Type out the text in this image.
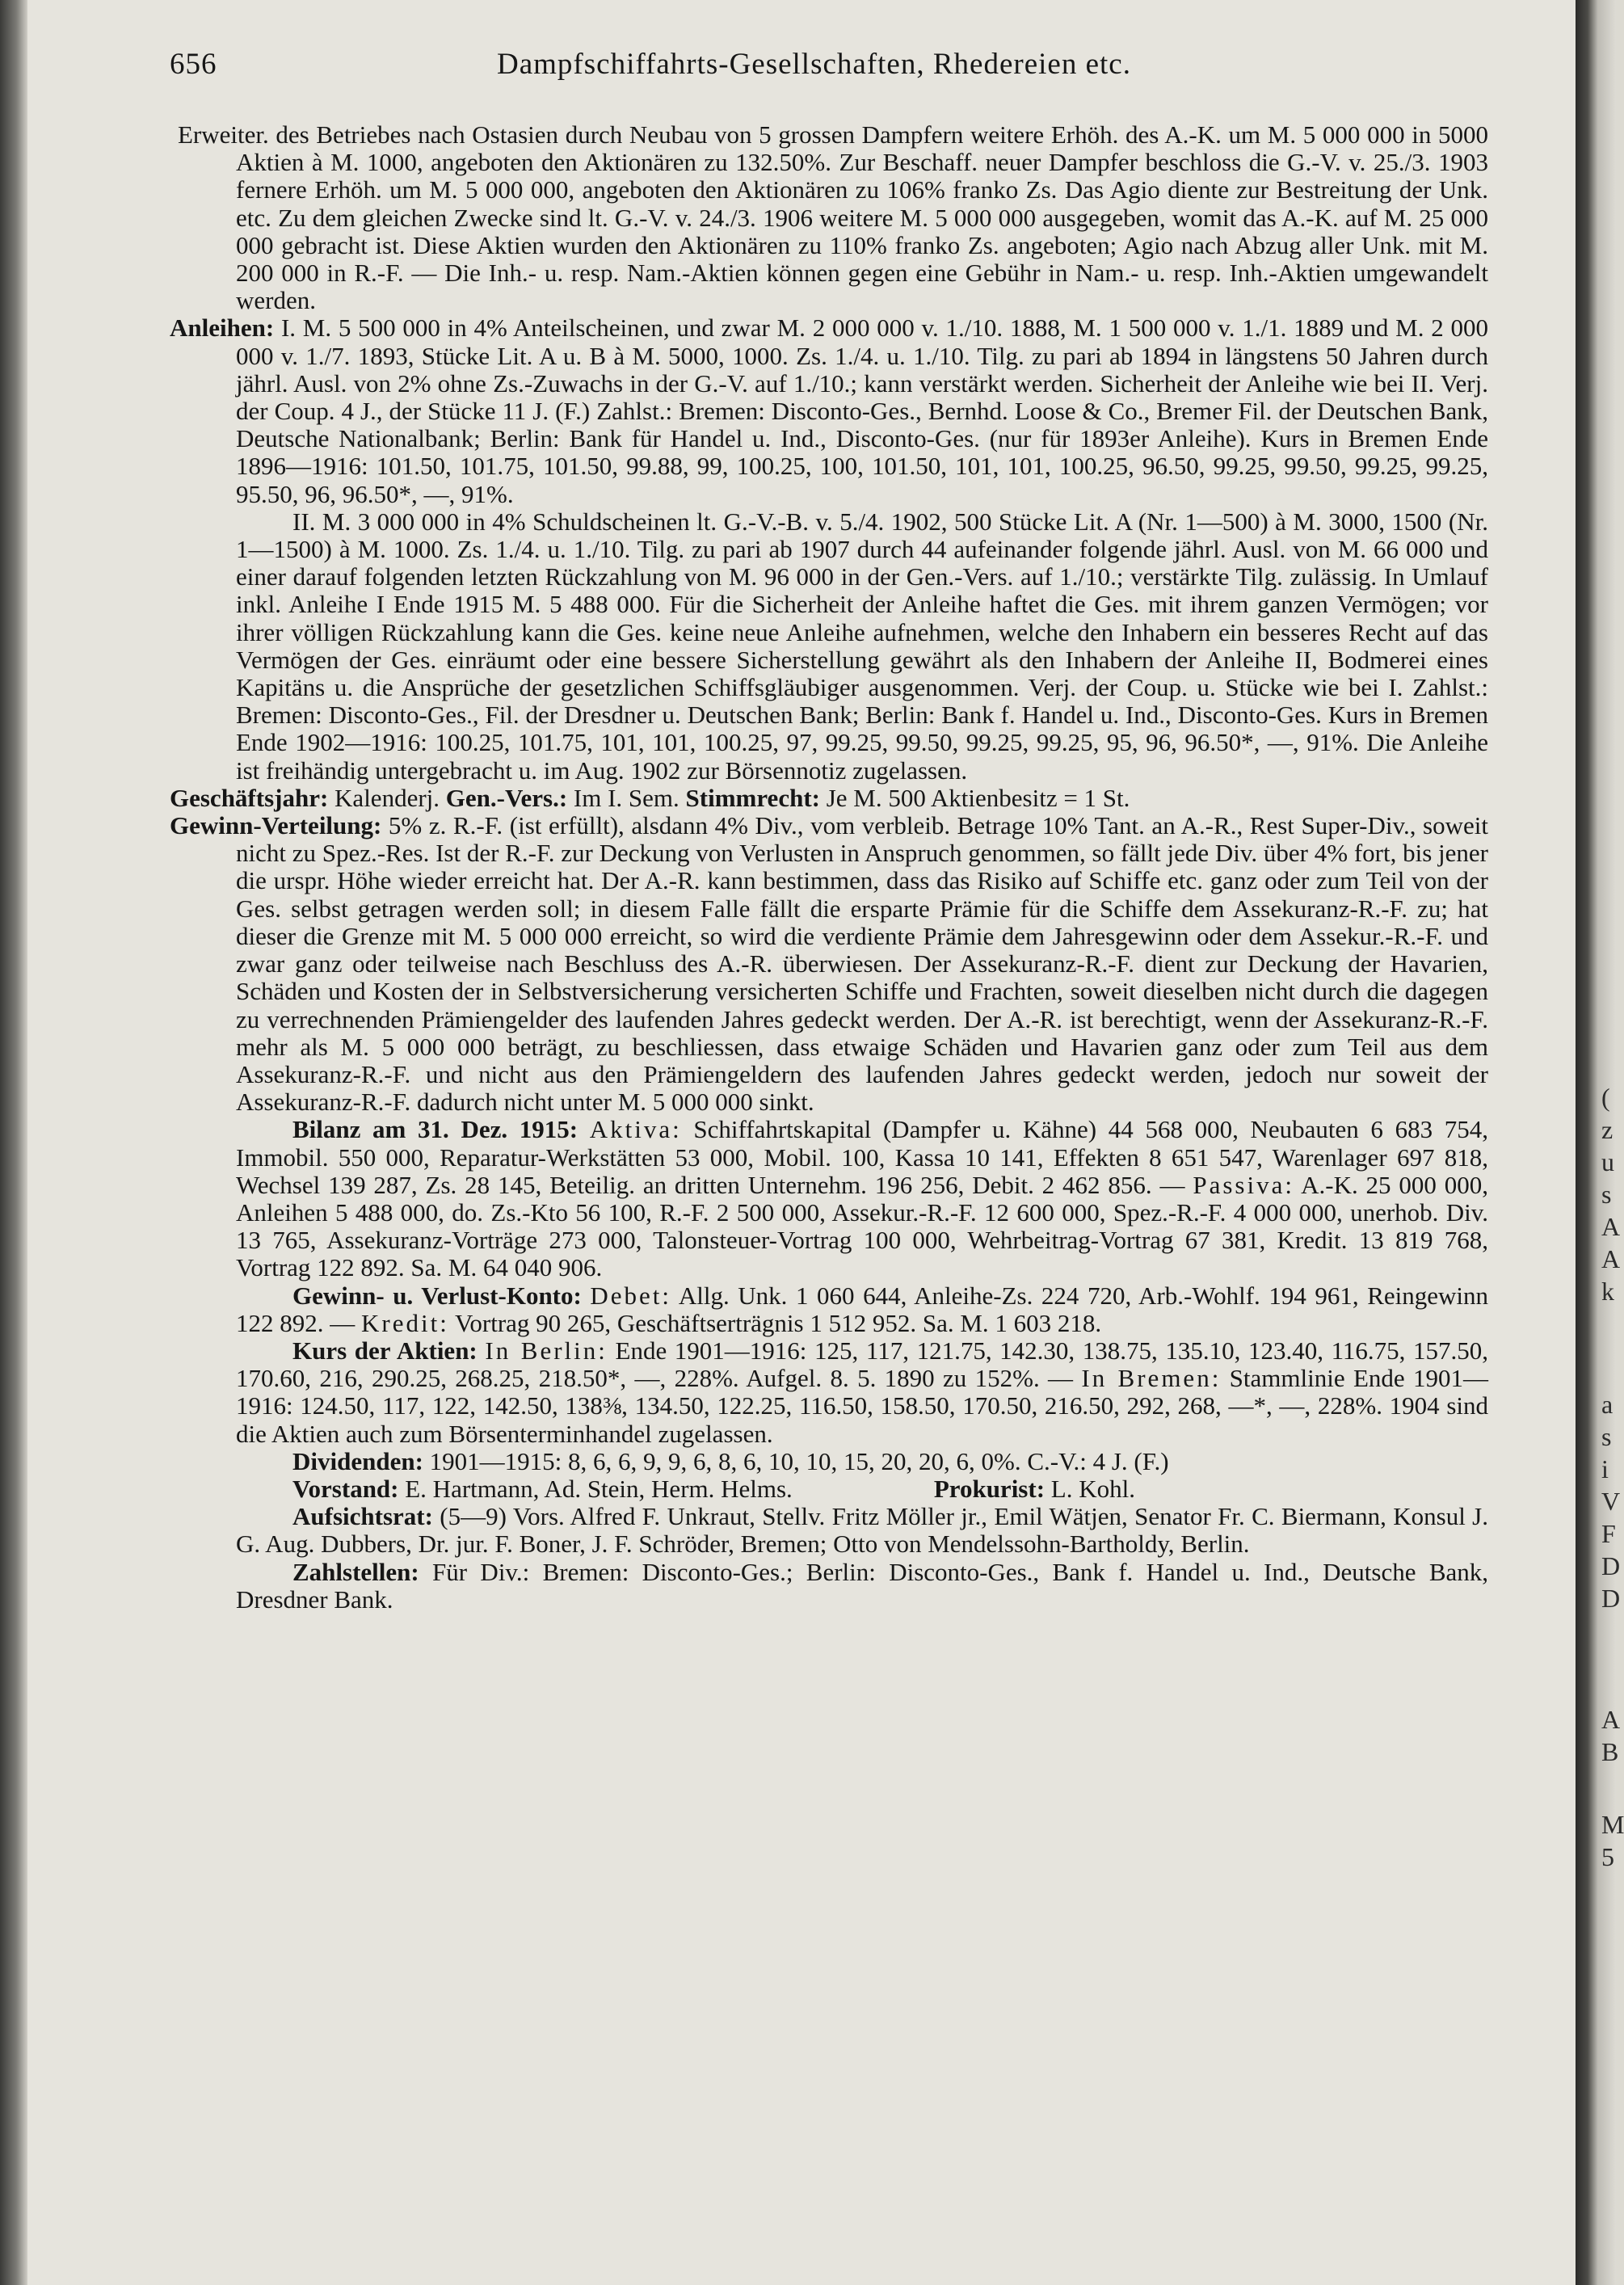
656	Dampfschiffahrts-Gesellschaften, Rhedereien etc.

Erweiter. des Betriebes nach Ostasien durch Neubau von 5 grossen Dampfern weitere Erhöh. des A.-K. um M. 5 000 000 in 5000 Aktien à M. 1000, angeboten den Aktionären zu 132.50%. Zur Beschaff. neuer Dampfer beschloss die G.-V. v. 25./3. 1903 fernere Erhöh. um M. 5 000 000, angeboten den Aktionären zu 106% franko Zs. Das Agio diente zur Bestreitung der Unk. etc. Zu dem gleichen Zwecke sind lt. G.-V. v. 24./3. 1906 weitere M. 5 000 000 ausgegeben, womit das A.-K. auf M. 25 000 000 gebracht ist. Diese Aktien wurden den Aktionären zu 110% franko Zs. angeboten; Agio nach Abzug aller Unk. mit M. 200 000 in R.-F. — Die Inh.- u. resp. Nam.-Aktien können gegen eine Gebühr in Nam.- u. resp. Inh.-Aktien umgewandelt werden.

Anleihen: I. M. 5 500 000 in 4% Anteilscheinen, und zwar M. 2 000 000 v. 1./10. 1888, M. 1 500 000 v. 1./1. 1889 und M. 2 000 000 v. 1./7. 1893, Stücke Lit. A u. B à M. 5000, 1000. Zs. 1./4. u. 1./10. Tilg. zu pari ab 1894 in längstens 50 Jahren durch jährl. Ausl. von 2% ohne Zs.-Zuwachs in der G.-V. auf 1./10.; kann verstärkt werden. Sicherheit der Anleihe wie bei II. Verj. der Coup. 4 J., der Stücke 11 J. (F.) Zahlst.: Bremen: Disconto-Ges., Bernhd. Loose & Co., Bremer Fil. der Deutschen Bank, Deutsche Nationalbank; Berlin: Bank für Handel u. Ind., Disconto-Ges. (nur für 1893er Anleihe). Kurs in Bremen Ende 1896—1916: 101.50, 101.75, 101.50, 99.88, 99, 100.25, 100, 101.50, 101, 101, 100.25, 96.50, 99.25, 99.50, 99.25, 99.25, 95.50, 96, 96.50*, —, 91%.

II. M. 3 000 000 in 4% Schuldscheinen lt. G.-V.-B. v. 5./4. 1902, 500 Stücke Lit. A (Nr. 1—500) à M. 3000, 1500 (Nr. 1—1500) à M. 1000. Zs. 1./4. u. 1./10. Tilg. zu pari ab 1907 durch 44 aufeinander folgende jährl. Ausl. von M. 66 000 und einer darauf folgenden letzten Rückzahlung von M. 96 000 in der Gen.-Vers. auf 1./10.; verstärkte Tilg. zulässig. In Umlauf inkl. Anleihe I Ende 1915 M. 5 488 000. Für die Sicherheit der Anleihe haftet die Ges. mit ihrem ganzen Vermögen; vor ihrer völligen Rückzahlung kann die Ges. keine neue Anleihe aufnehmen, welche den Inhabern ein besseres Recht auf das Vermögen der Ges. einräumt oder eine bessere Sicherstellung gewährt als den Inhabern der Anleihe II, Bodmerei eines Kapitäns u. die Ansprüche der gesetzlichen Schiffsgläubiger ausgenommen. Verj. der Coup. u. Stücke wie bei I. Zahlst.: Bremen: Disconto-Ges., Fil. der Dresdner u. Deutschen Bank; Berlin: Bank f. Handel u. Ind., Disconto-Ges. Kurs in Bremen Ende 1902—1916: 100.25, 101.75, 101, 101, 100.25, 97, 99.25, 99.50, 99.25, 99.25, 95, 96, 96.50*, —, 91%. Die Anleihe ist freihändig untergebracht u. im Aug. 1902 zur Börsennotiz zugelassen.

Geschäftsjahr: Kalenderj. Gen.-Vers.: Im I. Sem. Stimmrecht: Je M. 500 Aktienbesitz = 1 St.

Gewinn-Verteilung: 5% z. R.-F. (ist erfüllt), alsdann 4% Div., vom verbleib. Betrage 10% Tant. an A.-R., Rest Super-Div., soweit nicht zu Spez.-Res. Ist der R.-F. zur Deckung von Verlusten in Anspruch genommen, so fällt jede Div. über 4% fort, bis jener die urspr. Höhe wieder erreicht hat. Der A.-R. kann bestimmen, dass das Risiko auf Schiffe etc. ganz oder zum Teil von der Ges. selbst getragen werden soll; in diesem Falle fällt die ersparte Prämie für die Schiffe dem Assekuranz-R.-F. zu; hat dieser die Grenze mit M. 5 000 000 erreicht, so wird die verdiente Prämie dem Jahresgewinn oder dem Assekur.-R.-F. und zwar ganz oder teilweise nach Beschluss des A.-R. überwiesen. Der Assekuranz-R.-F. dient zur Deckung der Havarien, Schäden und Kosten der in Selbstversicherung versicherten Schiffe und Frachten, soweit dieselben nicht durch die dagegen zu verrechnenden Prämiengelder des laufenden Jahres gedeckt werden. Der A.-R. ist berechtigt, wenn der Assekuranz-R.-F. mehr als M. 5 000 000 beträgt, zu beschliessen, dass etwaige Schäden und Havarien ganz oder zum Teil aus dem Assekuranz-R.-F. und nicht aus den Prämiengeldern des laufenden Jahres gedeckt werden, jedoch nur soweit der Assekuranz-R.-F. dadurch nicht unter M. 5 000 000 sinkt.

Bilanz am 31. Dez. 1915: Aktiva: Schiffahrtskapital (Dampfer u. Kähne) 44 568 000, Neubauten 6 683 754, Immobil. 550 000, Reparatur-Werkstätten 53 000, Mobil. 100, Kassa 10 141, Effekten 8 651 547, Warenlager 697 818, Wechsel 139 287, Zs. 28 145, Beteilig. an dritten Unternehm. 196 256, Debit. 2 462 856. — Passiva: A.-K. 25 000 000, Anleihen 5 488 000, do. Zs.-Kto 56 100, R.-F. 2 500 000, Assekur.-R.-F. 12 600 000, Spez.-R.-F. 4 000 000, unerhob. Div. 13 765, Assekuranz-Vorträge 273 000, Talonsteuer-Vortrag 100 000, Wehrbeitrag-Vortrag 67 381, Kredit. 13 819 768, Vortrag 122 892. Sa. M. 64 040 906.

Gewinn- u. Verlust-Konto: Debet: Allg. Unk. 1 060 644, Anleihe-Zs. 224 720, Arb.-Wohlf. 194 961, Reingewinn 122 892. — Kredit: Vortrag 90 265, Geschäftserträgnis 1 512 952. Sa. M. 1 603 218.

Kurs der Aktien: In Berlin: Ende 1901—1916: 125, 117, 121.75, 142.30, 138.75, 135.10, 123.40, 116.75, 157.50, 170.60, 216, 290.25, 268.25, 218.50*, —, 228%. Aufgel. 8. 5. 1890 zu 152%. — In Bremen: Stammlinie Ende 1901—1916: 124.50, 117, 122, 142.50, 138⅜, 134.50, 122.25, 116.50, 158.50, 170.50, 216.50, 292, 268, —*, —, 228%. 1904 sind die Aktien auch zum Börsenterminhandel zugelassen.

Dividenden: 1901—1915: 8, 6, 6, 9, 9, 6, 8, 6, 10, 10, 15, 20, 20, 6, 0%. C.-V.: 4 J. (F.)

Vorstand: E. Hartmann, Ad. Stein, Herm. Helms.	Prokurist: L. Kohl.

Aufsichtsrat: (5—9) Vors. Alfred F. Unkraut, Stellv. Fritz Möller jr., Emil Wätjen, Senator Fr. C. Biermann, Konsul J. G. Aug. Dubbers, Dr. jur. F. Boner, J. F. Schröder, Bremen; Otto von Mendelssohn-Bartholdy, Berlin.

Zahlstellen: Für Div.: Bremen: Disconto-Ges.; Berlin: Disconto-Ges., Bank f. Handel u. Ind., Deutsche Bank, Dresdner Bank.

(
z
u
s
A
A
k
a
s
i
V
F
D
D
A
B
M
5
